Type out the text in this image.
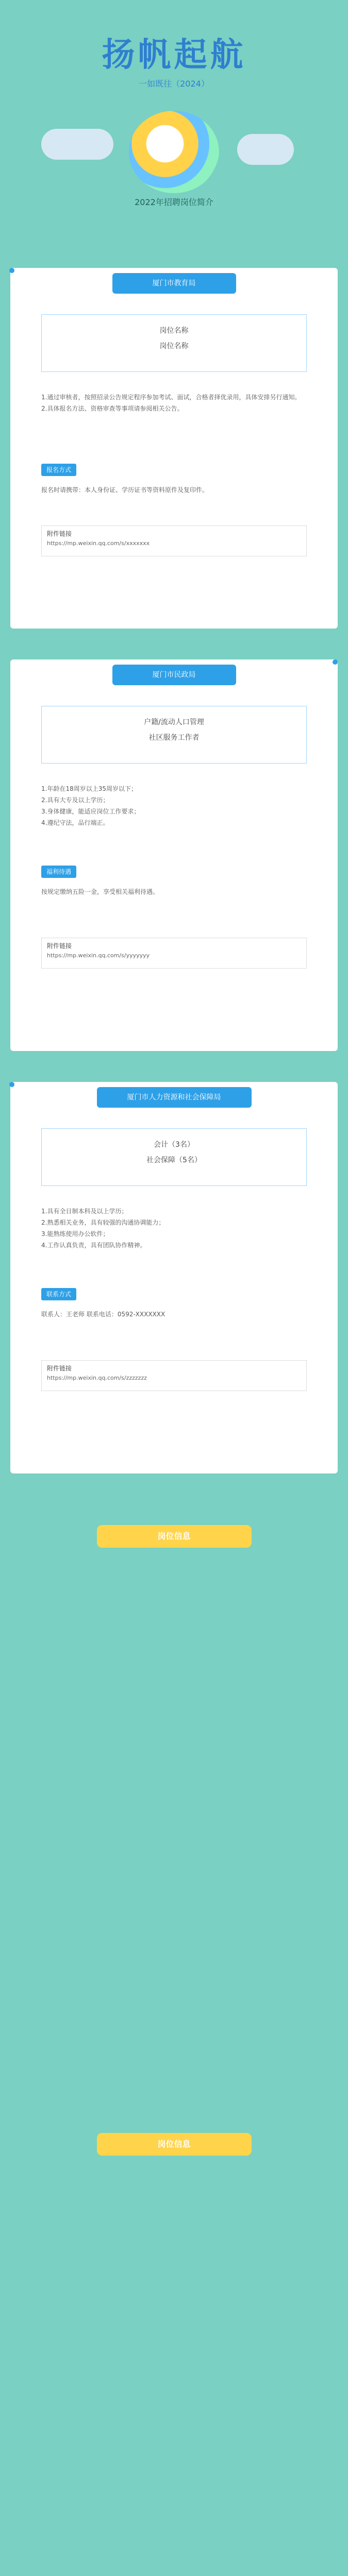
扬帆起航
一如既往（2024）
2022年招聘岗位简介
厦门市教育局
岗位名称
岗位名称
1.通过审核者，按照招录公告规定程序参加考试、面试，合格者择优录用，具体安排另行通知。
2.具体报名方法、资格审查等事项请参阅相关公告。
报名方式
报名时请携带：本人身份证、学历证书等资料原件及复印件。
附件链接
https://mp.weixin.qq.com/s/xxxxxxx
厦门市民政局
户籍/流动人口管理
社区服务工作者
1.年龄在18周岁以上35周岁以下；
2.具有大专及以上学历；
3.身体健康，能适应岗位工作要求；
4.遵纪守法，品行端正。
福利待遇
按规定缴纳五险一金，享受相关福利待遇。
附件链接
https://mp.weixin.qq.com/s/yyyyyyy
厦门市人力资源和社会保障局
会计（3名）
社会保障（5名）
1.具有全日制本科及以上学历；
2.熟悉相关业务，具有较强的沟通协调能力；
3.能熟练使用办公软件；
4.工作认真负责，具有团队协作精神。
联系方式
联系人：王老师 联系电话：0592-XXXXXXX
附件链接
https://mp.weixin.qq.com/s/zzzzzzz
岗位信息
岗位信息
